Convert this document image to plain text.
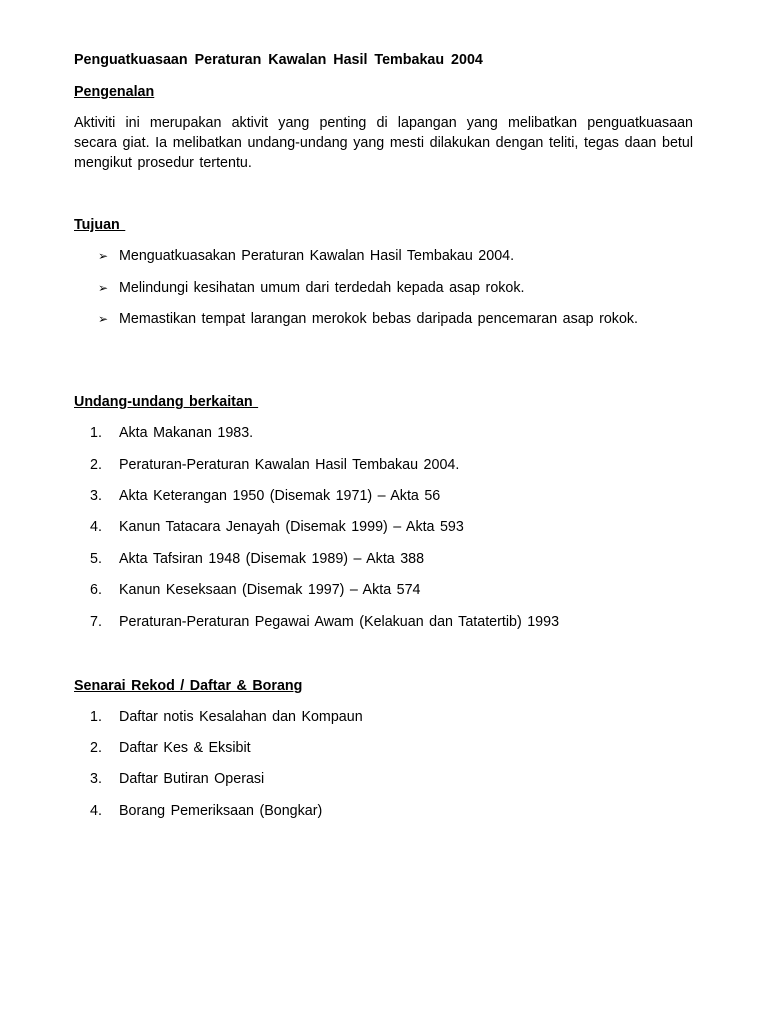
Penguatkuasaan Peraturan Kawalan Hasil Tembakau 2004

Pengenalan

Aktiviti ini merupakan aktivit yang penting di lapangan yang melibatkan penguatkuasaan secara giat. Ia melibatkan undang-undang yang mesti dilakukan dengan teliti, tegas daan betul mengikut prosedur tertentu.

Tujuan

➢ Menguatkuasakan Peraturan Kawalan Hasil Tembakau 2004.
➢ Melindungi kesihatan umum dari terdedah kepada asap rokok.
➢ Memastikan tempat larangan merokok bebas daripada pencemaran asap rokok.

Undang-undang berkaitan

1. Akta Makanan 1983.
2. Peraturan-Peraturan Kawalan Hasil Tembakau 2004.
3. Akta Keterangan 1950 (Disemak 1971) – Akta 56
4. Kanun Tatacara Jenayah (Disemak 1999) – Akta 593
5. Akta Tafsiran 1948 (Disemak 1989) – Akta 388
6. Kanun Keseksaan (Disemak 1997) – Akta 574
7. Peraturan-Peraturan Pegawai Awam (Kelakuan dan Tatatertib) 1993

Senarai Rekod / Daftar & Borang

1. Daftar notis Kesalahan dan Kompaun
2. Daftar Kes & Eksibit
3. Daftar Butiran Operasi
4. Borang Pemeriksaan (Bongkar)
